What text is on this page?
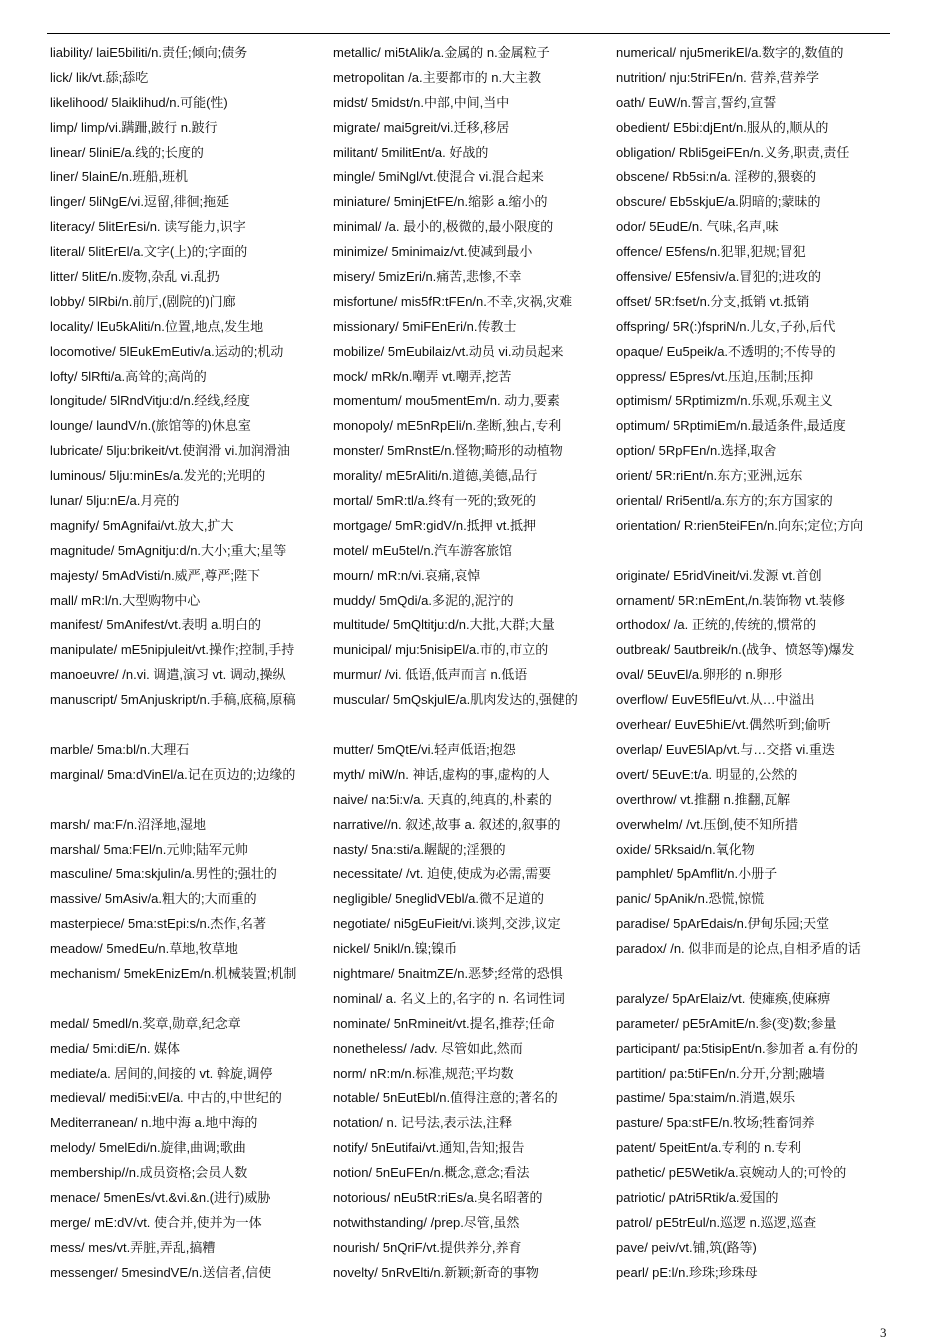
liability/ laiE5biliti/n.责任;倾向;债务
lick/ lik/vt.舔;舔吃
likelihood/ 5laiklihud/n.可能(性)
limp/ limp/vi.蹒跚,跛行 n.跛行
linear/ 5liniE/a.线的;长度的
liner/ 5lainE/n.班船,班机
linger/ 5liNgE/vi.逗留,徘徊;拖延
literacy/ 5litErEsi/n. 读写能力,识字
literal/ 5litErEl/a.文字(上)的;字面的
litter/ 5litE/n.废物,杂乱 vi.乱扔
lobby/ 5lRbi/n.前厅,(剧院的)门廊
locality/ lEu5kAliti/n.位置,地点,发生地
locomotive/ 5lEukEmEutiv/a.运动的;机动
lofty/ 5lRfti/a.高耸的;高尚的
longitude/ 5lRndVitju:d/n.经线,经度
lounge/ laundV/n.(旅馆等的)休息室
lubricate/ 5lju:brikeit/vt.使润滑 vi.加润滑油
luminous/ 5lju:minEs/a.发光的;光明的
lunar/ 5lju:nE/a.月亮的
magnify/ 5mAgnifai/vt.放大,扩大
magnitude/ 5mAgnitju:d/n.大小;重大;星等
majesty/ 5mAdVisti/n.威严,尊严;陛下
mall/ mR:l/n.大型购物中心
manifest/ 5mAnifest/vt.表明 a.明白的
manipulate/ mE5nipjuleit/vt.操作;控制,手持
manoeuvre/ /n.vi. 调遣,演习 vt. 调动,操纵
manuscript/ 5mAnjuskript/n.手稿,底稿,原稿
marble/ 5ma:bl/n.大理石
marginal/ 5ma:dVinEl/a.记在页边的;边缘的
marsh/ ma:F/n.沼泽地,湿地
marshal/ 5ma:FEl/n.元帅;陆军元帅
masculine/ 5ma:skjulin/a.男性的;强壮的
massive/ 5mAsiv/a.粗大的;大而重的
masterpiece/ 5ma:stEpi:s/n.杰作,名著
meadow/ 5medEu/n.草地,牧草地
mechanism/ 5mekEnizEm/n.机械装置;机制
medal/ 5medl/n.奖章,勋章,纪念章
media/ 5mi:diE/n. 媒体
mediate/a. 居间的,间接的 vt. 斡旋,调停
medieval/ medi5i:vEl/a. 中古的,中世纪的
Mediterranean/ n.地中海 a.地中海的
melody/ 5melEdi/n.旋律,曲调;歌曲
membership//n.成员资格;会员人数
menace/ 5menEs/vt.&vi.&n.(进行)威胁
merge/ mE:dV/vt. 使合并,使并为一体
mess/ mes/vt.弄脏,弄乱,搞糟
messenger/ 5mesindVE/n.送信者,信使
metallic/ mi5tAlik/a.金属的 n.金属粒子
metropolitan /a.主要都市的 n.大主教
midst/ 5midst/n.中部,中间,当中
migrate/ mai5greit/vi.迁移,移居
militant/ 5militEnt/a. 好战的
mingle/ 5miNgl/vt.使混合 vi.混合起来
miniature/ 5minjEtFE/n.缩影 a.缩小的
minimal/ /a. 最小的,极微的,最小限度的
minimize/ 5minimaiz/vt.使减到最小
misery/ 5mizEri/n.痛苦,悲惨,不幸
misfortune/ mis5fR:tFEn/n.不幸,灾祸,灾难
missionary/ 5miFEnEri/n.传教士
mobilize/ 5mEubilaiz/vt.动员 vi.动员起来
mock/ mRk/n.嘲弄 vt.嘲弄,挖苦
momentum/ mou5mentEm/n. 动力,要素
monopoly/ mE5nRpEli/n.垄断,独占,专利
monster/ 5mRnstE/n.怪物;畸形的动植物
morality/ mE5rAliti/n.道德,美德,品行
mortal/ 5mR:tl/a.终有一死的;致死的
mortgage/ 5mR:gidV/n.抵押 vt.抵押
motel/ mEu5tel/n.汽车游客旅馆
mourn/ mR:n/vi.哀痛,哀悼
muddy/ 5mQdi/a.多泥的,泥泞的
multitude/ 5mQltitju:d/n.大批,大群;大量
municipal/ mju:5nisipEl/a.市的,市立的
murmur/ /vi. 低语,低声而言 n.低语
muscular/ 5mQskjulE/a.肌肉发达的,强健的
mutter/ 5mQtE/vi.轻声低语;抱怨
myth/ miW/n. 神话,虚构的事,虚构的人
naive/ na:5i:v/a. 天真的,纯真的,朴素的
narrative//n. 叙述,故事 a. 叙述的,叙事的
nasty/ 5na:sti/a.龌龊的;淫猥的
necessitate/ /vt. 迫使,使成为必需,需要
negligible/ 5neglidVEbl/a.微不足道的
negotiate/ ni5gEuFieit/vi.谈判,交涉,议定
nickel/ 5nikl/n.镍;镍币
nightmare/ 5naitmZE/n.恶梦;经常的恐惧
nominal/ a. 名义上的,名字的 n. 名词性词
nominate/ 5nRmineit/vt.提名,推荐;任命
nonetheless/ /adv. 尽管如此,然而
norm/ nR:m/n.标准,规范;平均数
notable/ 5nEutEbl/n.值得注意的;著名的
notation/ n. 记号法,表示法,注释
notify/ 5nEutifai/vt.通知,告知;报告
notion/ 5nEuFEn/n.概念,意念;看法
notorious/ nEu5tR:riEs/a.臭名昭著的
notwithstanding/ /prep.尽管,虽然
nourish/ 5nQriF/vt.提供养分,养育
novelty/ 5nRvElti/n.新颖;新奇的事物
numerical/ nju5merikEl/a.数字的,数值的
nutrition/ nju:5triFEn/n. 营养,营养学
oath/ EuW/n.誓言,誓约,宣誓
obedient/ E5bi:djEnt/n.服从的,顺从的
obligation/ Rbli5geiFEn/n.义务,职责,责任
obscene/ Rb5si:n/a. 淫秽的,猥亵的
obscure/ Eb5skjuE/a.阴暗的;蒙昧的
odor/ 5EudE/n. 气味,名声,味
offence/ E5fens/n.犯罪,犯规;冒犯
offensive/ E5fensiv/a.冒犯的;进攻的
offset/ 5R:fset/n.分支,抵销 vt.抵销
offspring/ 5R(:)fspriN/n.儿女,子孙,后代
opaque/ Eu5peik/a.不透明的;不传导的
oppress/ E5pres/vt.压迫,压制;压抑
optimism/ 5Rptimizm/n.乐观,乐观主义
optimum/ 5RptimiEm/n.最适条件,最适度
option/ 5RpFEn/n.选择,取舍
orient/ 5R:riEnt/n.东方;亚洲,远东
oriental/ Rri5entl/a.东方的;东方国家的
orientation/ R:rien5teiFEn/n.向东;定位;方向
originate/ E5ridVineit/vi.发源 vt.首创
ornament/ 5R:nEmEnt,/n.装饰物 vt.装修
orthodox/ /a. 正统的,传统的,惯常的
outbreak/ 5autbreik/n.(战争、愤怒等)爆发
oval/ 5EuvEl/a.卵形的 n.卵形
overflow/ EuvE5flEu/vt.从…中溢出
overhear/ EuvE5hiE/vt.偶然听到;偷听
overlap/ EuvE5lAp/vt.与…交搭 vi.重迭
overt/ 5EuvE:t/a. 明显的,公然的
overthrow/ vt.推翻 n.推翻,瓦解
overwhelm/ /vt.压倒,使不知所措
oxide/ 5Rksaid/n.氧化物
pamphlet/ 5pAmflit/n.小册子
panic/ 5pAnik/n.恐慌,惊慌
paradise/ 5pArEdais/n.伊甸乐园;天堂
paradox/ /n. 似非而是的论点,自相矛盾的话
paralyze/ 5pArElaiz/vt. 使瘫痪,使麻痹
parameter/ pE5rAmitE/n.参(变)数;参量
participant/ pa:5tisipEnt/n.参加者 a.有份的
partition/ pa:5tiFEn/n.分开,分割;融墙
pastime/ 5pa:staim/n.消遣,娱乐
pasture/ 5pa:stFE/n.牧场;牲畜饲养
patent/ 5peitEnt/a.专利的 n.专利
pathetic/ pE5Wetik/a.哀婉动人的;可怜的
patriotic/ pAtri5Rtik/a.爱国的
patrol/ pE5trEul/n.巡逻 n.巡逻,巡查
pave/ peiv/vt.铺,筑(路等)
pearl/ pE:l/n.珍珠;珍珠母
3
